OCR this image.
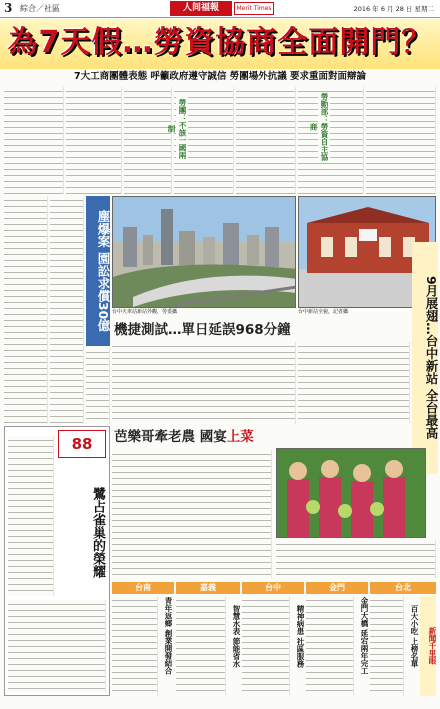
3 綜合／社區	人间福報	Merit Times	2016 年 6 月 28 日 星期二
為7天假…勞資協商全面開門？
7大工商團體表態 呼籲政府遵守誠信 勞團場外抗議 要求重面對面辯論
勞團：不該一國兩制	勞動部：勞資自主協商
塵爆案 園訟求償30億 台中火車站新站外觀，勞委攝	台中新站全貌，記者攝	9月展翅…台中新站 全台最高
機捷測試…單日延誤968分鐘
88
鷺占雀巢的榮耀
芭樂哥牽老農 國宴上菜
台南	嘉義	台中	金門	台北
青年返鄉 創業開發結合	智慧水表 節能省水	精神病患 社區服務	金門大橋 延宕兩年完工	百大小吃 上榜名單	新聞千里眼
